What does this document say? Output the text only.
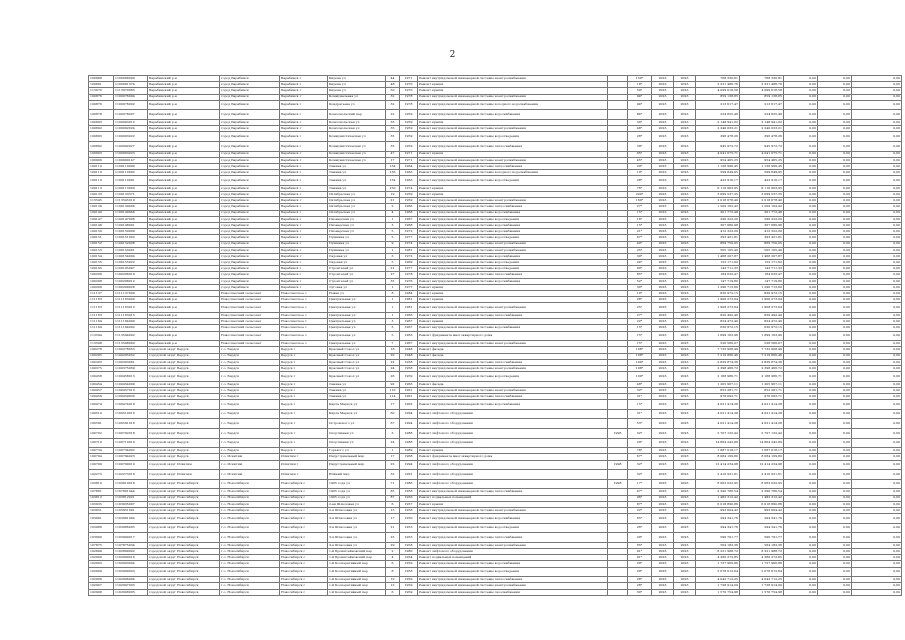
2
100868	1100068009	Барабинский р-н	город Барабинск	Барабинск г	Кирова ул	44	1971	Ремонт внутридомовой инженерной системы электроснабжения		150*	2023	2023	768 330,81	768 330,81	0,00	0,00	0,00
100861	1100061374	Барабинский р-н	город Барабинск	Барабинск г	Кирова ул	48	1970	Ремонт крыши		18*	2023	2023	2 231 486,76	2 231 486,76	0,00	0,00	0,00
113970	1113970085	Барабинский р-н	город Барабинск	Барабинск г	Кирова ул	50	1970	Ремонт крыши		59*	2023	2023	4 099 618,58	4 099 618,58	0,00	0,00	0,00
100876	1100076004	Барабинский р-н	город Барабинск	Барабинск г	Коммунальная ул	32	1978	Ремонт внутридомовой инженерной системы электроснабжения		94*	2023	2023	859 138,85	859 138,85	0,00	0,00	0,00
100876	1100076002	Барабинский р-н	город Барабинск	Барабинск г	Кондратьева ул	32	1978	Ремонт внутридомовой инженерной системы холодного водоснабжения		94*	2023	2023	213 617,47	213 617,47	0,00	0,00	0,00
100878	1100078007	Барабинский р-н	город Барабинск	Барабинск г	Комсомольский пер	22	1959	Ремонт внутридомовой инженерной системы водоснабжения		84*	2023	2023	224 825,49	224 825,49	0,00	0,00	0,00
100893	1100093012	Барабинский р-н	город Барабинск	Барабинск г	Комсомольская ул	35	1959	Ремонт крыши		30*	2023	2023	2 148 941,02	2 148 941,02	0,00	0,00	0,00
100892	1100092024	Барабинский р-н	город Барабинск	Барабинск г	Комсомольская ул	35	1959	Ремонт внутридомовой инженерной системы электроснабжения		48*	2023	2023	2 240 033,21	2 240 033,21	0,00	0,00	0,00
100893	1100093022	Барабинский р-н	город Барабинск	Барабинск г	Коммунистическая ул	35	1959	Ремонт внутридомовой инженерной системы водоотведения		28*	2023	2023	396 478,26	396 478,26	0,00	0,00	0,00
100892	1100092027	Барабинский р-н	город Барабинск	Барабинск г	Коммунистическая ул	35	1959	Ремонт внутридомовой инженерной системы теплоснабжения		39*	2023	2023	945 972,72	945 972,72	0,00	0,00	0,00
100903	1100903023	Барабинский р-н	город Барабинск	Барабинск г	Коммунистическая ул	47	1971	Ремонт крыши		95*	2023	2023	4 041 075,71	4 041 075,71	0,00	0,00	0,00
100909	1100909147	Барабинский р-н	город Барабинск	Барабинск г	Коммунистическая ул	17	1971	Ремонт внутридомовой инженерной системы электроснабжения		45*	2023	2023	954 465,25	954 465,25	0,00	0,00	0,00
100110	1100110090	Барабинский р-н	город Барабинск	Барабинск г	Ленина ул	134	1964	Ремонт внутридомовой инженерной системы теплоснабжения		29*	2023	2023	1 128 996,45	1 128 996,45	0,00	0,00	0,00
100110	1100110092	Барабинский р-н	город Барабинск	Барабинск г	Ленина ул	136	1963	Ремонт внутридомовой инженерной системы холодного водоснабжения		19*	2023	2023	599 849,95	599 849,95	0,00	0,00	0,00
100110	1100110091	Барабинский р-н	город Барабинск	Барабинск г	Ленина ул	134	1963	Ремонт внутридомовой инженерной системы водоотведения		28*	2023	2023	422 916,17	422 916,17	0,00	0,00	0,00
100113	1100113000	Барабинский р-н	город Барабинск	Барабинск г	Ленина ул	150	1974	Ремонт крыши		76*	2023	2023	6 110 963,95	6 110 963,95	0,00	0,00	0,00
100133	1100133371	Барабинский р-н	город Барабинск	Барабинск г	Октябрьская ул	19	1959	Ремонт крыши		209*	2023	2023	3 699 537,35	3 699 537,35	0,00	0,00	0,00
113545	1113545019	Барабинский р-н	город Барабинск	Барабинск г	Октябрьская ул	21	1959	Ремонт внутридомовой инженерной системы электроснабжения		160*	2023	2023	2 018 678,40	2 018 678,40	0,00	0,00	0,00
100139	1100139006	Барабинский р-н	город Барабинск	Барабинск г	Октябрьская ул	2	1966	Ремонт внутридомовой инженерной системы теплоснабжения		27*	2023	2023	1 509 162,42	1 509 162,42	0,00	0,00	0,00
100140	1100140046	Барабинский р-н	город Барабинск	Барабинск г	Октябрьская ул	4	1968	Ремонт внутридомовой инженерной системы водоснабжения		15*	2023	2023	301 772,48	301 772,48	0,00	0,00	0,00
100147	1100147006	Барабинский р-н	город Барабинск	Барабинск г	Пионерская ул	1	1967	Ремонт внутридомовой инженерной системы водоотведения		16*	2023	2023	296 322,20	296 322,20	0,00	0,00	0,00
100148	1100148001	Барабинский р-н	город Барабинск	Барабинск г	Пионерская ул	3	1968	Ремонт внутридомовой инженерной системы водоснабжения		15*	2023	2023	307 680,98	307 680,98	0,00	0,00	0,00
100150	1100150009	Барабинский р-н	город Барабинск	Барабинск г	Пионерская ул	5	1972	Ремонт внутридомовой инженерной системы водоснабжения		21*	2023	2023	412 322,20	412 322,20	0,00	0,00	0,00
100151	1100151002	Барабинский р-н	город Барабинск	Барабинск г	Пушкина ул	5	1977	Ремонт внутридомовой инженерной системы водоотведения		67*	2023	2023	393 421,81	393 421,81	0,00	0,00	0,00
100152	1100152008	Барабинский р-н	город Барабинск	Барабинск г	Пушкина ул	9	1974	Ремонт внутридомовой инженерной системы электроснабжения		40*	2023	2023	869 750,05	869 750,05	0,00	0,00	0,00
100153	1100153001	Барабинский р-н	город Барабинск	Барабинск г	Пушкина ул	1	1981	Ремонт внутридомовой инженерной системы электроснабжения		25*	2023	2023	505 105,40	505 105,40	0,00	0,00	0,00
100154	1100154004	Барабинский р-н	город Барабинск	Барабинск г	Садовая ул	3	1972	Ремонт внутридомовой инженерной системы водоснабжения		30*	2023	2023	1 468 207,87	1 468 207,87	0,00	0,00	0,00
100155	1100155022	Барабинский р-н	город Барабинск	Барабинск г	Садовая ул	5	1969	Ремонт внутридомовой инженерной системы водоотведения		24*	2023	2023	152 171,62	152 171,62	0,00	0,00	0,00
100195	1100195007	Барабинский р-н	город Барабинск	Барабинск г	Строителей ул	21	1977	Ремонт внутридомовой инженерной системы водоотведения		60*	2023	2023	143 711,33	143 711,33	0,00	0,00	0,00
100206	1100206010	Барабинский р-н	город Барабинск	Барабинск г	Строителей ул	27	1978	Ремонт внутридомовой инженерной системы теплоснабжения		85*	2023	2023	184 032,47	184 032,47	0,00	0,00	0,00
100208	1100208012	Барабинский р-н	город Барабинск	Барабинск г	Строителей ул	35	1976	Ремонт внутридомовой инженерной системы водоснабжения		52*	2023	2023	147 719,80	147 719,80	0,00	0,00	0,00
100209	1100209028	Барабинский р-н	город Барабинск	Барабинск г	Луговая ул	1	1977	Ремонт крыши		30*	2023	2023	1 296 713,60	1 296 713,60	0,00	0,00	0,00
111137	1111137000	Барабинский р-н	Новоспасский сельсовет	Новоспасское с	Новая ул	8	1984	Ремонт крыши		10*	2023	2023	830 972,15	830 972,15	0,00	0,00	0,00
111163	1111163000	Барабинский р-н	Новоспасский сельсовет	Новоспасское с	Центральная ул	1	1981	Ремонт крыши		28*	2023	2023	1 906 273,64	1 906 273,64	0,00	0,00	0,00
111163	1111163012	Барабинский р-н	Новоспасский сельсовет	Новоспасское с	Центральная ул	1	1981	Ремонт внутридомовой инженерной системы электроснабжения		25*	2023	2023	1 908 273,64	1 908 273,64	0,00	0,00	0,00
111163	1111163015	Барабинский р-н	Новоспасский сельсовет	Новоспасское с	Центральная ул	1	1966	Ремонт внутридомовой инженерной системы теплоснабжения		27*	2023	2023	820 492,40	820 492,40	0,00	0,00	0,00
111164	1111164000	Барабинский р-н	Новоспасский сельсовет	Новоспасское с	Центральная ул	3	1967	Ремонт крыши		22*	2023	2023	824 472,40	824 472,40	0,00	0,00	0,00
111164	1111164002	Барабинский р-н	Новоспасский сельсовет	Новоспасское с	Центральная ул	3	1967	Ремонт внутридомовой инженерной системы водоснабжения		15*	2023	2023	630 972,15	630 972,15	0,00	0,00	0,00
113594	1113594002	Барабинский р-н	Новоспасский сельсовет	Новоспасское с	Центральная ул	5	1963	Ремонт фундамента многоквартирного дома		15*	2023	2023	1 899 163,96	1 899 163,96	0,00	0,00	0,00
113598	1113598000	Барабинский р-н	Новоспасский сельсовет	Новоспасское с	Центральная ул	7	1967	Ремонт внутридомовой инженерной системы электроснабжения		15*	2023	2023	526 580,07	526 580,07	0,00	0,00	0,00
100278	1100278053	городской округ Бердск	г.о. Бердск	Бердск г	Красный Сокол ул	18	1948	Ремонт фасада		108*	2023	2023	7 732 908,49	7 732 908,49	0,00	0,00	0,00
100295	1100295052	городской округ Бердск	г.о. Бердск	Бердск г	Красный Сокол ул	20	1948	Ремонт фасада		108*	2023	2023	7 219 866,46	7 219 866,46	0,00	0,00	0,00
100303	1100303061	городской округ Бердск	г.о. Бердск	Бердск г	Красный Сокол ул	22	1958	Ремонт внутридомовой инженерной системы теплоснабжения		109*	2023	2023	2 829 874,36	2 829 874,36	0,00	0,00	0,00
100375	1100375069	городской округ Бердск	г.о. Бердск	Бердск г	Красный Сокол ул	24	1958	Ремонт внутридомовой инженерной системы электроснабжения		108*	2023	2023	2 398 466,72	2 398 466,72	0,00	0,00	0,00
100458	1100458013	городской округ Бердск	г.о. Бердск	Бердск г	Красный Сокол ул	26	1959	Ремонт внутридомовой инженерной системы водоотведения		109*	2023	2023	2 168 986,71	2 168 986,71	0,00	0,00	0,00
100454	1100454009	городской округ Бердск	г.о. Бердск	Бердск г	Ленина ул	92	1963	Ремонт фасада		48*	2023	2023	1 205 967,11	1 205 967,11	0,00	0,00	0,00
100457	1100457010	городской округ Бердск	г.о. Бердск	Бердск г	Ленина ул	110	1961	Ремонт внутридомовой инженерной системы электроснабжения		32*	2023	2023	852 281,71	852 281,71	0,00	0,00	0,00
100459	1100459030	городской округ Бердск	г.о. Бердск	Бердск г	Ленина ул	114	1961	Ремонт внутридомовой инженерной системы теплоснабжения		31*	2023	2023	976 093,71	976 093,71	0,00	0,00	0,00
100474	1100474019	городской округ Бердск	г.о. Бердск	Бердск г	Карла Маркса ул	17	1962	Ремонт внутридомовой инженерной системы водоснабжения		15*	2023	2023	4 021 414,28	4 021 414,28	0,00	0,00	0,00
100510	1100510010	городской округ Бердск	г.о. Бердск	Бердск г	Карла Маркса ул	60	1994	Ремонт лифтового оборудования		31*	2023	2023	4 021 414,28	4 021 414,28	0,00	0,00	0,00
100591	1100591018	городской округ Бердск	г.о. Бердск	Бердск г	Островского ул	67	1994	Ремонт лифтового оборудования		53*	2023	2023	4 021 414,28	4 021 414,28	0,00	0,00	0,00
100702	1100702018	городской округ Бердск	г.о. Бердск	Бердск г	Спортивная ул	3	1988	Ремонт лифтового оборудования	1996	32*	2023	2023	5 707 132,42	5 707 132,42	0,00	0,00	0,00
100710	1100710010	городской округ Бердск	г.о. Бердск	Бердск г	Спортивная ул	24	1988	Ремонт лифтового оборудования		29*	2023	2023	14 864 242,89	14 864 242,89	0,00	0,00	0,00
100734	1100734002	городской округ Бердск	г.о. Бердск	Бердск г	Горького ул	1	1989	Ремонт крыши		78*	2023	2023	1 687 018,17	1 687 018,17	0,00	0,00	0,00
100794	1100794023	городской округ Бердск	г.о. Искитим	Искитим г	Индустриальный мкр	17	1968	Ремонт фундамента многоквартирного дома		67*	2023	2023	8 084 169,80	8 084 169,80	0,00	0,00	0,00
100799	1100799019	городской округ Искитим	г.о. Искитим	Искитим г	Индустриальный мкр	25	1994	Ремонт лифтового оборудования	1998	32*	2023	2023	12 414 234,98	12 414 234,98	0,00	0,00	0,00
102273	1102273016	городской округ Искитим	г.о. Искитим	Искитим г	Южный мкр	32	1991	Ремонт лифтового оборудования		32*	2023	2023	2 410 931,61	2 410 931,61	0,00	0,00	0,00
103810	1103810018	городской округ Новосибирск	г.о. Новосибирск	Новосибирск г	1905 года ул	71	1986	Ремонт лифтового оборудования	1998	17*	2023	2023	8 063 032,95	8 063 032,95	0,00	0,00	0,00
107801	1107801044	городской округ Новосибирск	г.о. Новосибирск	Новосибирск г	1905 года ул	85	1958	Ремонт внутридомовой инженерной системы теплоснабжения		47*	2023	2023	2 290 786,54	2 290 786,54	0,00	0,00	0,00
103812	1103812021	городской округ Новосибирск	г.о. Новосибирск	Новосибирск г	1905 года ул	87	1956	Ремонт подвальных помещений		96*	2023	2023	1 482 312,42	1 482 312,42	0,00	0,00	0,00
103935	1103935007	городской округ Новосибирск	г.о. Новосибирск	Новосибирск г	2-ая Шлюзовая ул	6	1957	Ремонт крыши		87*	2023	2023	6 018 890,86	6 018 890,86	0,00	0,00	0,00
103951	1103951001	городской округ Новосибирск	г.о. Новосибирск	Новосибирск г	2-я Шлюзовая ул	13	1958	Ремонт внутридомовой инженерной системы электроснабжения		22*	2023	2023	993 604,42	993 604,42	0,00	0,00	0,00
103961	1103961004	городской округ Новосибирск	г.о. Новосибирск	Новосибирск г	3-я Шлюзовая ул	17	1950	Ремонт внутридомовой инженерной системы водоснабжения		65*	2023	2023	294 341,76	294 341,76	0,00	0,00	0,00
103986	1103986005	городской округ Новосибирск	г.о. Новосибирск	Новосибирск г	3-я Шлюзовая ул	21	1953	Ремонт внутридомовой инженерной системы водоотведения		26*	2023	2023	294 341,76	294 341,76	0,00	0,00	0,00
103990	1103990017	городской округ Новосибирск	г.о. Новосибирск	Новосибирск г	3-я Шлюзовая ул	25	1953	Ремонт внутридомовой инженерной системы теплоснабжения		29*	2023	2023	596 791,77	596 791,77	0,00	0,00	0,00
107875	1107875034	городской округ Новосибирск	г.о. Новосибирск	Новосибирск г	3-я Шлюзовая ул	29	1958	Ремонт внутридомовой инженерной системы электроснабжения		65*	2023	2023	564 183,36	564 183,36	0,00	0,00	0,00
102899	1102899002	городской округ Новосибирск	г.о. Новосибирск	Новосибирск г	1-й Бронштейновский пер	2	1980	Ремонт лифтового оборудования		91*	2023	2023	8 221 988,72	8 221 988,72	0,00	0,00	0,00
102900	1102900016	городской округ Новосибирск	г.о. Новосибирск	Новосибирск г	1-й Бронштейновский пер	4	1954	Ремонт подвальных помещений		91*	2023	2023	4 280 272,85	4 280 272,85	0,00	0,00	0,00
102903	1102903004	городской округ Новосибирск	г.о. Новосибирск	Новосибирск г	1-й Кооперативный пер	6	1959	Ремонт внутридомовой инженерной системы водоснабжения		29*	2023	2023	1 727 960,86	1 727 960,86	0,00	0,00	0,00
102909	1102909003	городской округ Новосибирск	г.о. Новосибирск	Новосибирск г	1-й Кооперативный пер	8	1958	Ремонт внутридомовой инженерной системы водоотведения		29*	2023	2023	5 078 612,64	5 078 612,64	0,00	0,00	0,00
102906	1102906004	городской округ Новосибирск	г.о. Новосибирск	Новосибирск г	1-й Кооперативный пер	10	1959	Ремонт внутридомовой инженерной системы теплоснабжения		28*	2023	2023	4 042 712,25	4 042 712,25	0,00	0,00	0,00
102907	1102907003	городской округ Новосибирск	г.о. Новосибирск	Новосибирск г	1-й Кооперативный пер	12	1959	Ремонт внутридомовой инженерной системы электроснабжения		28*	2023	2023	1 728 914,09	1 728 914,09	0,00	0,00	0,00
102908	1102908005	городской округ Новосибирск	г.о. Новосибирск	Новосибирск г	1-й Кооперативный пер	6	1959	Ремонт внутридомовой инженерной системы газоснабжения		30*	2023	2023	1 570 754,98	1 570 754,98	0,00	0,00	0,00
